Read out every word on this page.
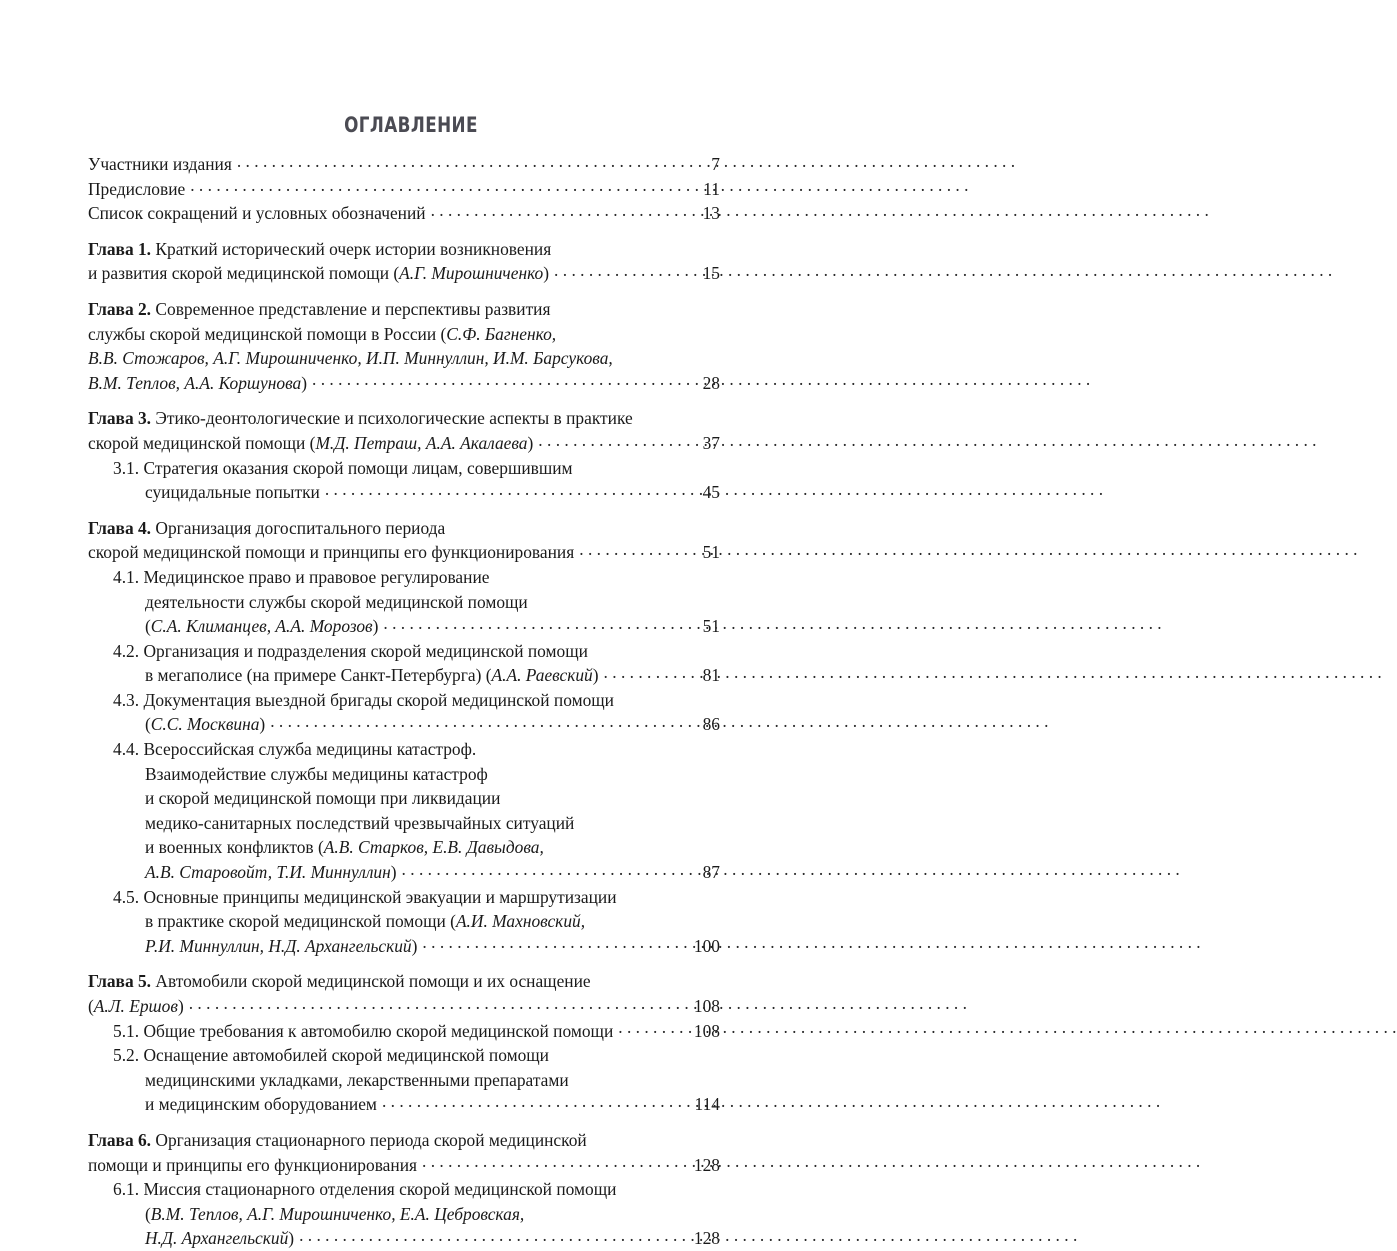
ОГЛАВЛЕНИЕ
Участники издания . . .	7
Предисловие . . .	11
Список сокращений и условных обозначений . . .	13
Глава 1. Краткий исторический очерк истории возникновения
и развития скорой медицинской помощи ( А.Г. Мирошниченко ) . . .	15
Глава 2. Современное представление и перспективы развития
службы скорой медицинской помощи в России ( С.Ф. Багненко,
В.В. Стожаров, А.Г. Мирошниченко, И.П. Миннуллин, И.М. Барсукова,
В.М. Теплов, А.А. Коршунова ) . . .	28
Глава 3. Этико-деонтологические и психологические аспекты в практике
скорой медицинской помощи ( М.Д. Петраш, А.А. Акалаева ) . . .	37
3.1. Стратегия оказания скорой помощи лицам, совершившим
суицидальные попытки . . .	45
Глава 4. Организация догоспитального периода
скорой медицинской помощи и принципы его функционирования . . .	51
4.1. Медицинское право и правовое регулирование
деятельности службы скорой медицинской помощи
( С.А. Климанцев, А.А. Морозов ) . . .	51
4.2. Организация и подразделения скорой медицинской помощи
в мегаполисе (на примере Санкт-Петербурга) ( А.А. Раевский ) . . .	81
4.3. Документация выездной бригады скорой медицинской помощи
( С.С. Москвина ) . . .	86
4.4. Всероссийская служба медицины катастроф.
Взаимодействие службы медицины катастроф
и скорой медицинской помощи при ликвидации
медико-санитарных последствий чрезвычайных ситуаций
и военных конфликтов ( А.В. Старков, Е.В. Давыдова,
А.В. Старовойт, Т.И. Миннуллин ) . . .	87
4.5. Основные принципы медицинской эвакуации и маршрутизации
в практике скорой медицинской помощи ( А.И. Махновский,
Р.И. Миннуллин, Н.Д. Архангельский ) . . .	100
Глава 5. Автомобили скорой медицинской помощи и их оснащение
( А.Л. Ершов ) . . .	108
5.1. Общие требования к автомобилю скорой медицинской помощи . . .	108
5.2. Оснащение автомобилей скорой медицинской помощи
медицинскими укладками, лекарственными препаратами
и медицинским оборудованием . . .	114
Глава 6. Организация стационарного периода скорой медицинской
помощи и принципы его функционирования . . .	128
6.1. Миссия стационарного отделения скорой медицинской помощи
( В.М. Теплов, А.Г. Мирошниченко, Е.А. Цебровская,
Н.Д. Архангельский ) . . .	128
